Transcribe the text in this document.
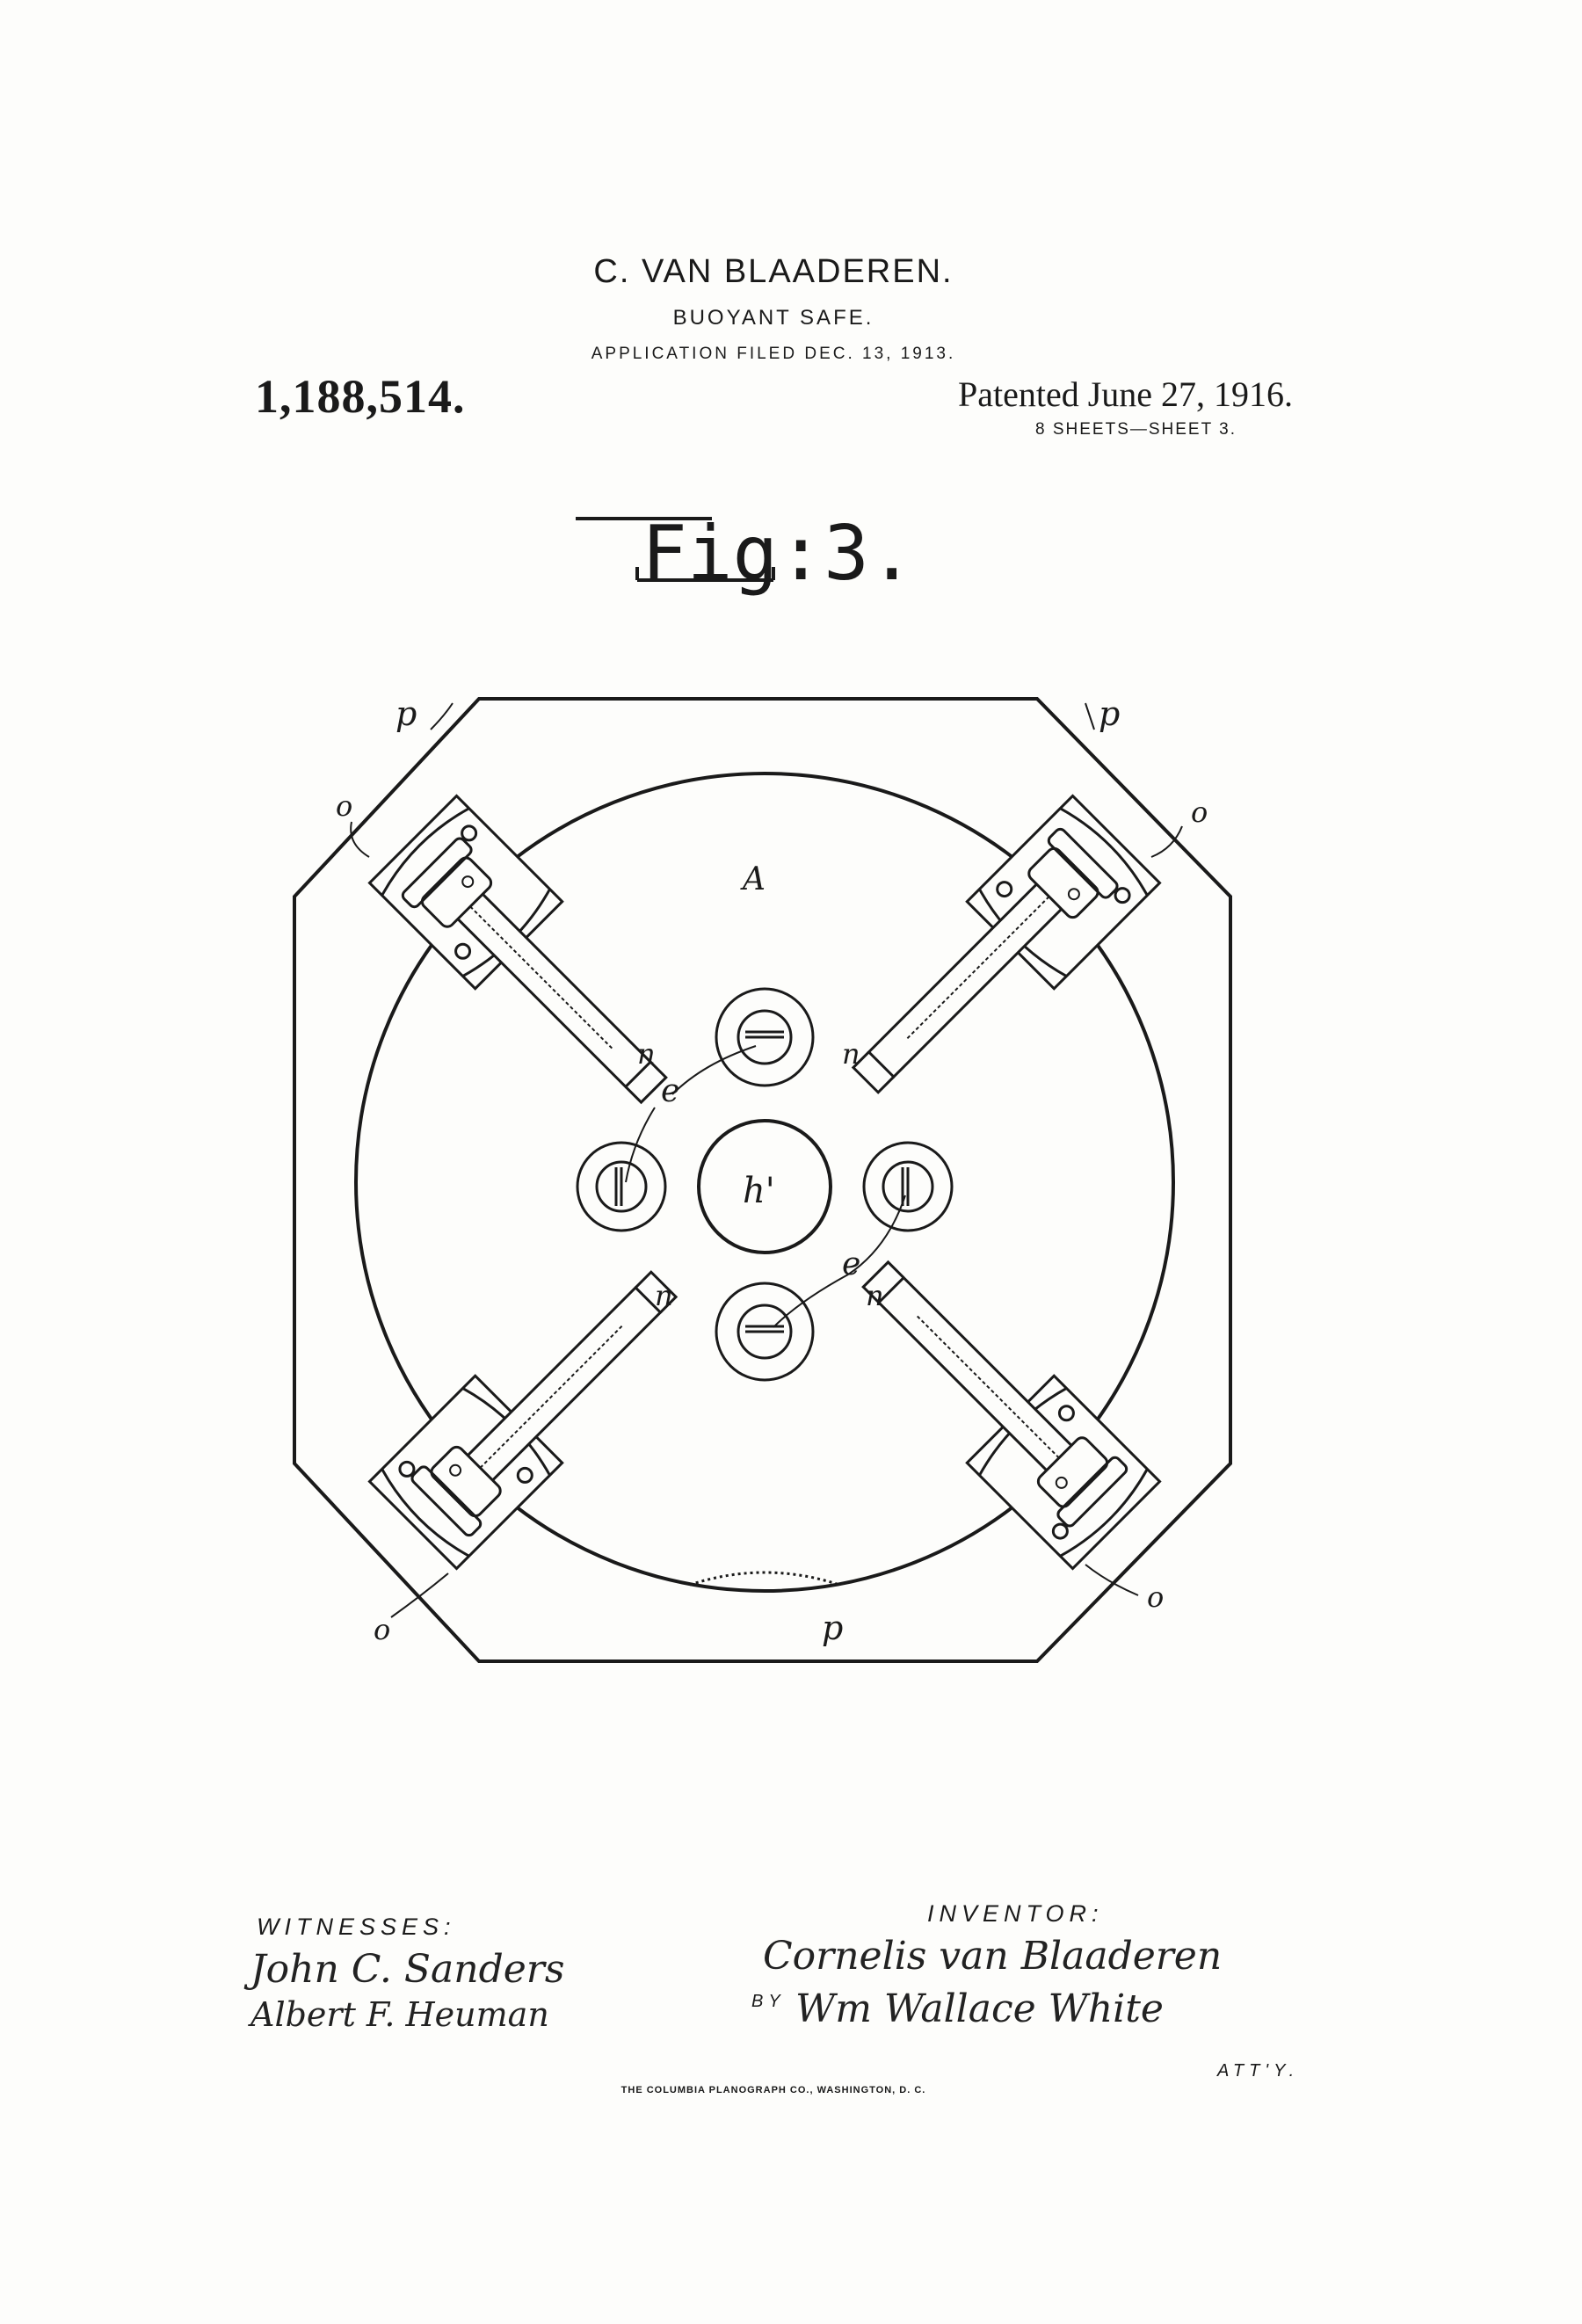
C. VAN BLAADEREN.
BUOYANT SAFE.
APPLICATION FILED DEC. 13, 1913.
1,188,514.	Patented June 27, 1916.
8 SHEETS—SHEET 3.
A
h'
e
e
n	n
n	n
o	o
o
o
p	p
p
Fig:3.
WITNESSES:
John C. Sanders
Albert F. Heuman
INVENTOR:
Cornelis van Blaaderen
BY Wm Wallace White
ATT'Y.
THE COLUMBIA PLANOGRAPH CO., WASHINGTON, D. C.
